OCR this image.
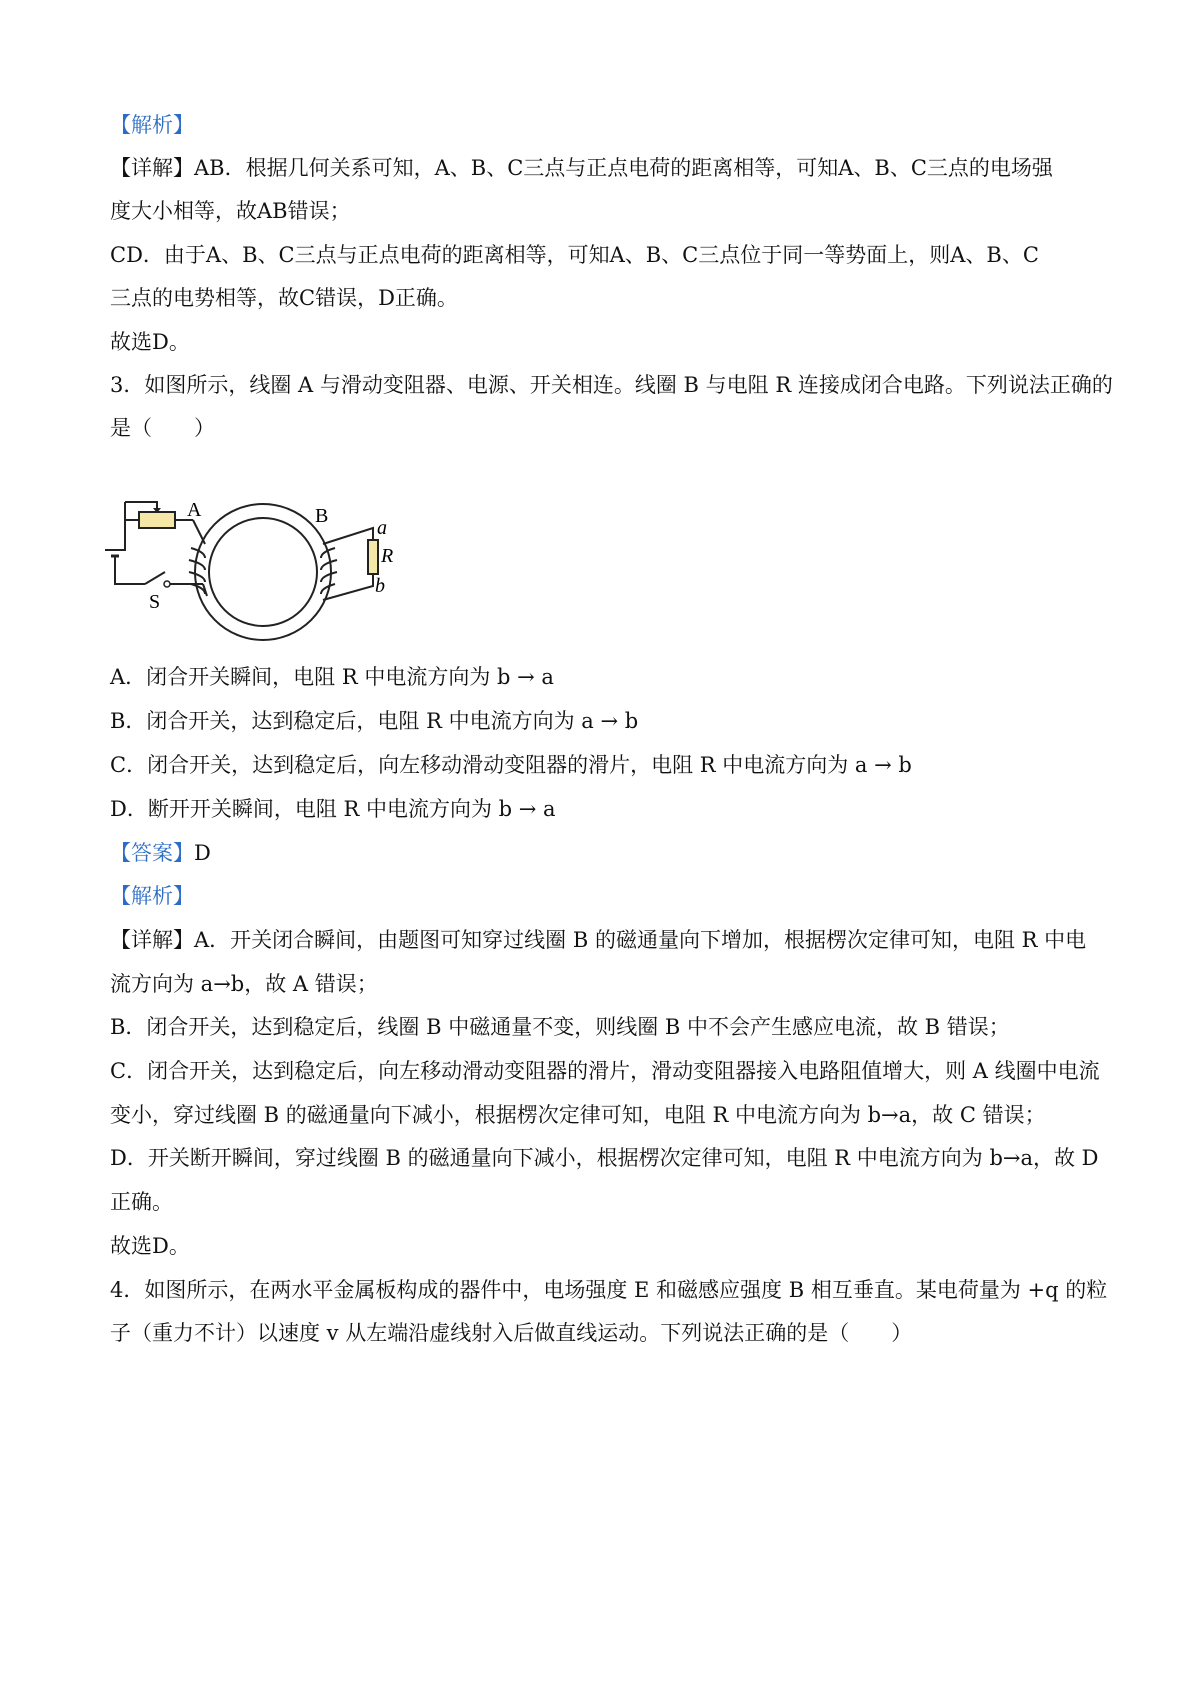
【解析】
【详解】AB．根据几何关系可知，A、B、C三点与正点电荷的距离相等，可知A、B、C三点的电场强
度大小相等，故AB错误；
CD．由于A、B、C三点与正点电荷的距离相等，可知A、B、C三点位于同一等势面上，则A、B、C
三点的电势相等，故C错误，D正确。
故选D。
3．如图所示，线圈 A 与滑动变阻器、电源、开关相连。线圈 B 与电阻 R 连接成闭合电路。下列说法正确的
是（　　）
A	B
a
R
b
S
A．闭合开关瞬间，电阻 R 中电流方向为 b → a
B．闭合开关，达到稳定后，电阻 R 中电流方向为 a → b
C．闭合开关，达到稳定后，向左移动滑动变阻器的滑片，电阻 R 中电流方向为 a → b
D．断开开关瞬间，电阻 R 中电流方向为 b → a
【答案】D
【解析】
【详解】A．开关闭合瞬间，由题图可知穿过线圈 B 的磁通量向下增加，根据楞次定律可知，电阻 R 中电
流方向为 a→b，故 A 错误；
B．闭合开关，达到稳定后，线圈 B 中磁通量不变，则线圈 B 中不会产生感应电流，故 B 错误；
C．闭合开关，达到稳定后，向左移动滑动变阻器的滑片，滑动变阻器接入电路阻值增大，则 A 线圈中电流
变小，穿过线圈 B 的磁通量向下减小，根据楞次定律可知，电阻 R 中电流方向为 b→a，故 C 错误；
D．开关断开瞬间，穿过线圈 B 的磁通量向下减小，根据楞次定律可知，电阻 R 中电流方向为 b→a，故 D
正确。
故选D。
4．如图所示，在两水平金属板构成的器件中，电场强度 E 和磁感应强度 B 相互垂直。某电荷量为 +q 的粒
子（重力不计）以速度 v 从左端沿虚线射入后做直线运动。下列说法正确的是（　　）
